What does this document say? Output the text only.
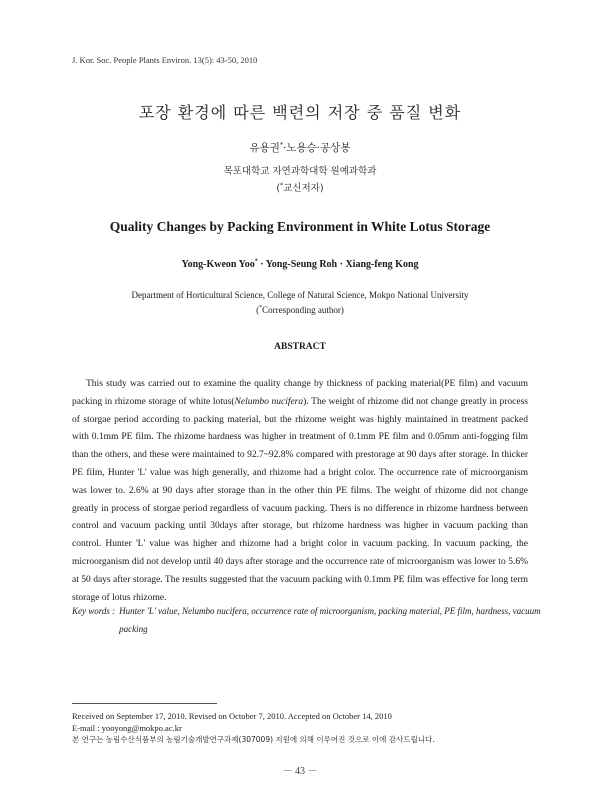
J. Kor. Soc. People Plants Environ. 13(5): 43-50, 2010
포장 환경에 따른 백련의 저장 중 품질 변화
유용권*·노용승·공상봉
목포대학교 자연과학대학 원예과학과
(*교신저자)
Quality Changes by Packing Environment in White Lotus Storage
Yong-Kweon Yoo* · Yong-Seung Roh · Xiang-feng Kong
Department of Horticultural Science, College of Natural Science, Mokpo National University
(*Corresponding author)
ABSTRACT

This study was carried out to examine the quality change by thickness of packing material(PE film) and vacuum packing in rhizome storage of white lotus(Nelumbo nucifera). The weight of rhizome did not change greatly in process of storgae period according to packing material, but the rhizome weight was highly maintained in treatment packed with 0.1mm PE film. The rhizome hardness was higher in treatment of 0.1mm PE film and 0.05mm anti-fogging film than the others, and these were maintained to 92.7~92.8% compared with prestorage at 90 days after storage. In thicker PE film, Hunter 'L' value was high generally, and rhizome had a bright color. The occurrence rate of microorganism was lower to. 2.6% at 90 days after storage than in the other thin PE films. The weight of rhizome did not change greatly in process of storgae period regardless of vacuum packing. Thers is no difference in rhizome hardness between control and vacuum packing until 30days after storage, but rhizome hardness was higher in vacuum packing than control. Hunter 'L' value was higher and rhizome had a bright color in vacuum packing. In vacuum packing, the microorganism did not develop until 40 days after storage and the occurrence rate of microorganism was lower to 5.6% at 50 days after storage. The results suggested that the vacuum packing with 0.1mm PE film was effective for long term storage of lotus rhizome.

Key words : Hunter 'L' value, Nelumbo nucifera, occurrence rate of microorganism, packing material, PE film, hardness, vacuum packing
Received on September 17, 2010. Revised on October 7, 2010. Accepted on October 14, 2010
E-mail : yooyong@mokpo.ac.kr
본 연구는 농림수산식품부의 농림기술개발연구과제(307009) 지원에 의해 이루어진 것으로 이에 감사드립니다.
－ 43 －
